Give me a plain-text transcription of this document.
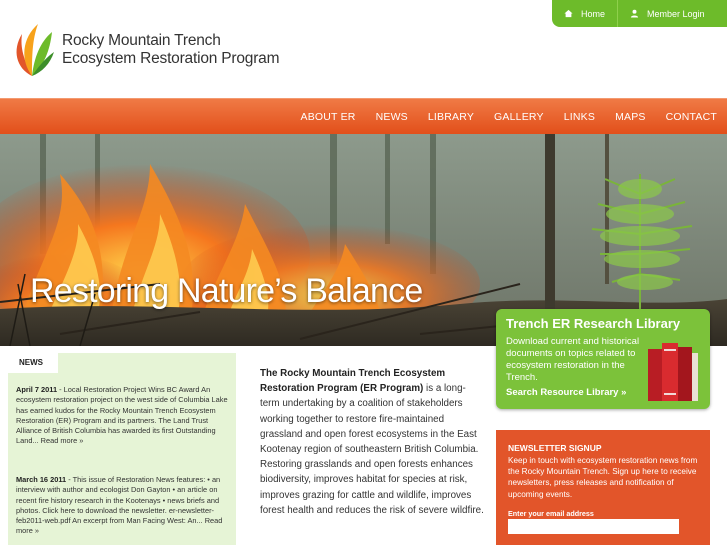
Rocky Mountain Trench
Ecosystem Restoration Program
Home	Member Login
ABOUT ER	NEWS	LIBRARY	GALLERY	LINKS	MAPS	CONTACT
Restoring Nature’s Balance
Trench ER Research Library
Download current and historical documents on topics related to ecosystem restoration in the Trench.
Search Resource Library »
NEWS
April 7 2011 - Local Restoration Project Wins BC Award An ecosystem restoration project on the west side of Columbia Lake has earned kudos for the Rocky Mountain Trench Ecosystem Restoration (ER) Program and its partners. The Land Trust Alliance of British Columbia has awarded its first Outstanding Land... Read more »
March 16 2011 - This issue of Restoration News features: • an interview with author and ecologist Don Gayton • an article on recent fire history research in the Kootenays • news briefs and photos. Click here to download the newsletter. er-newsletter-feb2011-web.pdf An excerpt from Man Facing West: An... Read more »
The Rocky Mountain Trench Ecosystem Restoration Program (ER Program) is a long-term undertaking by a coalition of stakeholders working together to restore fire-maintained grassland and open forest ecosystems in the East Kootenay region of southeastern British Columbia. Restoring grasslands and open forests enhances biodiversity, improves habitat for species at risk, improves grazing for cattle and wildlife, improves forest health and reduces the risk of severe wildfire.
NEWSLETTER SIGNUP
Keep in touch with ecosystem restoration news from the Rocky Mountain Trench. Sign up here to receive newsletters, press releases and notification of upcoming events.
Enter your email address
